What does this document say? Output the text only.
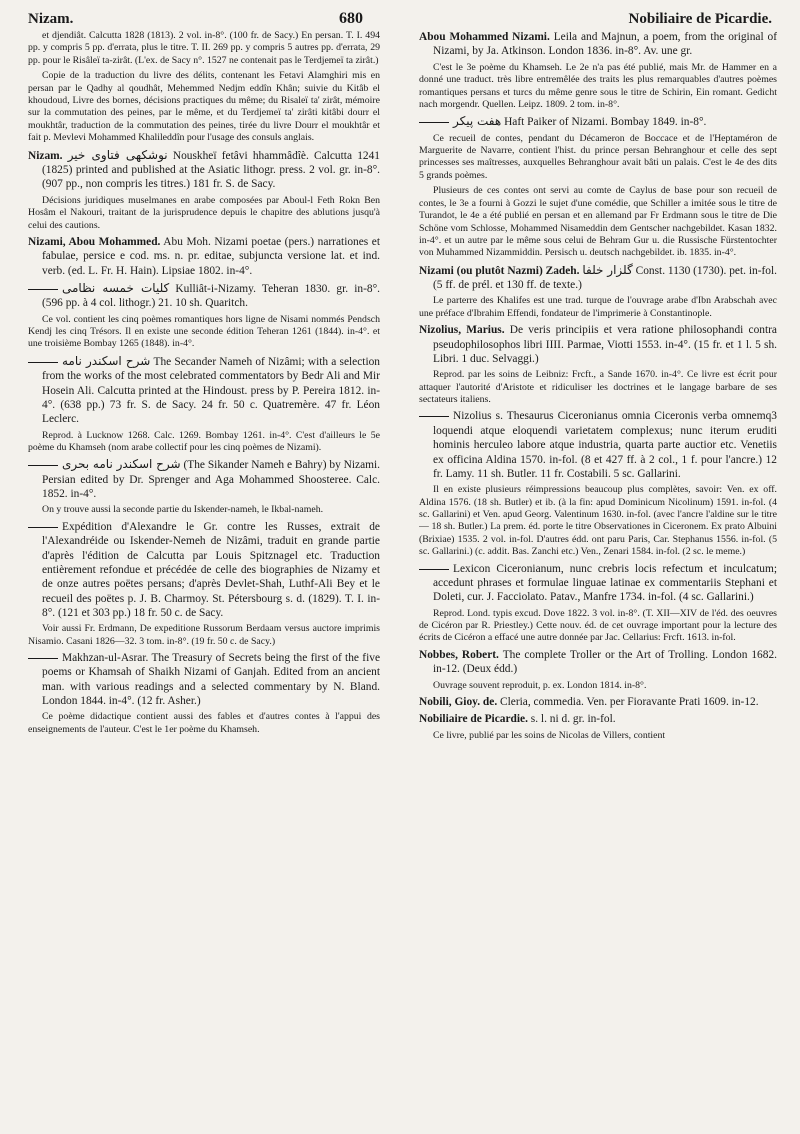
Nizam.	680	Nobiliaire de Picardie.

et djendiât. Calcutta 1828 (1813). 2 vol. in-8°. (100 fr. de Sacy.) En persan. T. I. 494 pp. y compris 5 pp. d'errata, plus le titre. T. II. 269 pp. y compris 5 autres pp. d'errata, 29 pp. pour le Risâleï ta-zirât. (L'ex. de Sacy n°. 1527 ne contenait pas le Terdjemeï ta zirât.)

Copie de la traduction du livre des délits, contenant les Fetavi Alamghiri mis en persan par le Qadhy al qoudhât, Mehemmed Nedjm eddîn Khân; suivie du Kitâb el khoudoud, Livre des bornes, décisions practiques du même; du Risaleï ta' zirât, mémoire sur la commutation des peines, par le même, et du Terdjemeï ta' zirâti kitâbi dourr el moukhtâr, traduction de la commutation des peines, tirée du livre Dourr el moukhtâr et fait p. Mevlevi Mohammed Khalileddîn pour l'usage des consuls anglais.

Nizam. نوشکهی فتاوی خیر Nouskheï fetâvi hhammâdîè. Calcutta 1241 (1825) printed and published at the Asiatic lithogr. press. 2 vol. gr. in-8°. (907 pp., non compris les titres.) 181 fr. S. de Sacy.

Décisions juridiques muselmanes en arabe composées par Aboul-l Feth Rokn Ben Hosâm el Nakouri, traitant de la jurisprudence depuis le chapitre des ablutions jusqu'à celui des cautions.

Nizami, Abou Mohammed. Abu Moh. Nizami poetae (pers.) narrationes et fabulae, persice e cod. ms. n. pr. editae, subjuncta versione lat. et ind. verb. (ed. L. Fr. H. Hain). Lipsiae 1802. in-4°.

کلیات خمسه نظامی Kulliât-i-Nizamy. Teheran 1830. gr. in-8°. (596 pp. à 4 col. lithogr.) 21. 10 sh. Quaritch.

Ce vol. contient les cinq poèmes romantiques hors ligne de Nisami nommés Pendsch Kendj les cinq Trésors. Il en existe une seconde édition Teheran 1261 (1844). in-4°. et une troisième Bombay 1265 (1848). in-4°.

شرح اسکندر نامه The Secander Nameh of Nizâmi; with a selection from the works of the most celebrated commentators by Bedr Ali and Mir Hosein Ali. Calcutta printed at the Hindoust. press by P. Pereira 1812. in-4°. (638 pp.) 73 fr. S. de Sacy. 24 fr. 50 c. Quatremère. 47 fr. Léon Leclerc.

Reprod. à Lucknow 1268. Calc. 1269. Bombay 1261. in-4°. C'est d'ailleurs le 5e poème du Khamseh (nom arabe collectif pour les cinq poèmes de Nizami).

شرح اسکندر نامه بحری (The Sikander Nameh e Bahry) by Nizami. Persian edited by Dr. Sprenger and Aga Mohammed Shoosteree. Calc. 1852. in-4°.

On y trouve aussi la seconde partie du Iskender-nameh, le Ikbal-nameh.

Expédition d'Alexandre le Gr. contre les Russes, extrait de l'Alexandréide ou Iskender-Nemeh de Nizâmi, traduit en grande partie d'après l'édition de Calcutta par Louis Spitznagel etc. Traduction entièrement refondue et précédée de celle des biographies de Nizamy et de onze autres poëtes persans; d'après Devlet-Shah, Luthf-Ali Bey et le recueil des poëtes p. J. B. Charmoy. St. Pétersbourg s. d. (1829). T. I. in-8°. (121 et 303 pp.) 18 fr. 50 c. de Sacy.

Voir aussi Fr. Erdmann, De expeditione Russorum Berdaam versus auctore imprimis Nisamio. Casani 1826—32. 3 tom. in-8°. (19 fr. 50 c. de Sacy.)

Makhzan-ul-Asrar. The Treasury of Secrets being the first of the five poems or Khamsah of Shaikh Nizami of Ganjah. Edited from an ancient man. with various readings and a selected commentary by N. Bland. London 1844. in-4°. (12 fr. Asher.)

Ce poème didactique contient aussi des fables et d'autres contes à l'appui des enseignements de l'auteur. C'est le 1er poème du Khamseh.

Abou Mohammed Nizami. Leila and Majnun, a poem, from the original of Nizami, by Ja. Atkinson. London 1836. in-8°. Av. une gr.

C'est le 3e poème du Khamseh. Le 2e n'a pas été publié, mais Mr. de Hammer en a donné une traduct. très libre entremêlée des traits les plus remarquables d'autres poèmes romantiques persans et turcs du même genre sous le titre de Schirin, Ein romant. Gedicht nach morgendr. Quellen. Leipz. 1809. 2 tom. in-8°.

هفت پیکر Haft Paiker of Nizami. Bombay 1849. in-8°.

Ce recueil de contes, pendant du Décameron de Boccace et de l'Heptaméron de Marguerite de Navarre, contient l'hist. du prince persan Behranghour et celle des sept princesses ses maîtresses, auxquelles Behranghour avait bâti un palais. C'est le 4e des dits 5 grands poèmes.

Plusieurs de ces contes ont servi au comte de Caylus de base pour son recueil de contes, le 3e a fourni à Gozzi le sujet d'une comédie, que Schiller a imitée sous le titre de Turandot, le 4e a été publié en persan et en allemand par Fr Erdmann sous le titre de Die Schöne vom Schlosse, Mohammed Nisameddin dem Gentscher nachgebildet. Kasan 1832. in-4°. et un autre par le même sous celui de Behram Gur u. die Russische Fürstentochter von Muhammed Nizammiddin. Persisch u. deutsch nachgebildet. ib. 1835. in-4°.

Nizami (ou plutôt Nazmi) Zadeh. گلزار خلفا Const. 1130 (1730). pet. in-fol. (5 ff. de prél. et 130 ff. de texte.)

Le parterre des Khalifes est une trad. turque de l'ouvrage arabe d'Ibn Arabschah avec une préface d'Ibrahim Effendi, fondateur de l'imprimerie à Constantinople.

Nizolius, Marius. De veris principiis et vera ratione philosophandi contra pseudophilosophos libri IIII. Parmae, Viotti 1553. in-4°. (15 fr. et 1 l. 5 sh. Libri. 1 duc. Selvaggi.)

Reprod. par les soins de Leibniz: Frcft., a Sande 1670. in-4°. Ce livre est écrit pour attaquer l'autorité d'Aristote et ridiculiser les doctrines et le langage barbare de ses sectateurs italiens.

Nizolius s. Thesaurus Ciceronianus omnia Ciceronis verba omnemq3 loquendi atque eloquendi varietatem complexus; nunc iterum eruditi hominis herculeo labore atque industria, quarta parte auctior etc. Venetiis ex officina Aldina 1570. in-fol. (8 et 427 ff. à 2 col., 1 f. pour l'ancre.) 12 fr. Lamy. 11 sh. Butler. 11 fr. Costabili. 5 sc. Gallarini.

Il en existe plusieurs réimpressions beaucoup plus complètes, savoir: Ven. ex off. Aldina 1576. (18 sh. Butler) et ib. (à la fin: apud Dominicum Nicolinum) 1591. in-fol. (4 sc. Gallarini) et Ven. apud Georg. Valentinum 1630. in-fol. (avec l'ancre l'aldine sur le titre — 18 sh. Butler.) La prem. éd. porte le titre Observationes in Ciceronem. Ex prato Albuini (Brixiae) 1535. 2 vol. in-fol. D'autres édd. ont paru Paris, Car. Stephanus 1556. in-fol. (5 sc. Gallarini.) (c. addit. Bas. Zanchi etc.) Ven., Zenari 1584. in-fol. (2 sc. le meme.)

Lexicon Ciceronianum, nunc crebris locis refectum et inculcatum; accedunt phrases et formulae linguae latinae ex commentariis Stephani et Doleti, cur. J. Facciolato. Patav., Manfre 1734. in-fol. (4 sc. Gallarini.)

Reprod. Lond. typis excud. Dove 1822. 3 vol. in-8°. (T. XII—XIV de l'éd. des oeuvres de Cicéron par R. Priestley.) Cette nouv. éd. de cet ouvrage important pour la lecture des écrits de Cicéron a effacé une autre donnée par Jac. Cellarius: Frcft. 1613. in-fol.

Nobbes, Robert. The complete Troller or the Art of Trolling. London 1682. in-12. (Deux édd.)

Ouvrage souvent reproduit, p. ex. London 1814. in-8°.

Nobili, Gioy. de. Cleria, commedia. Ven. per Fioravante Prati 1609. in-12.

Nobiliaire de Picardie. s. l. ni d. gr. in-fol.

Ce livre, publié par les soins de Nicolas de Villers, contient
